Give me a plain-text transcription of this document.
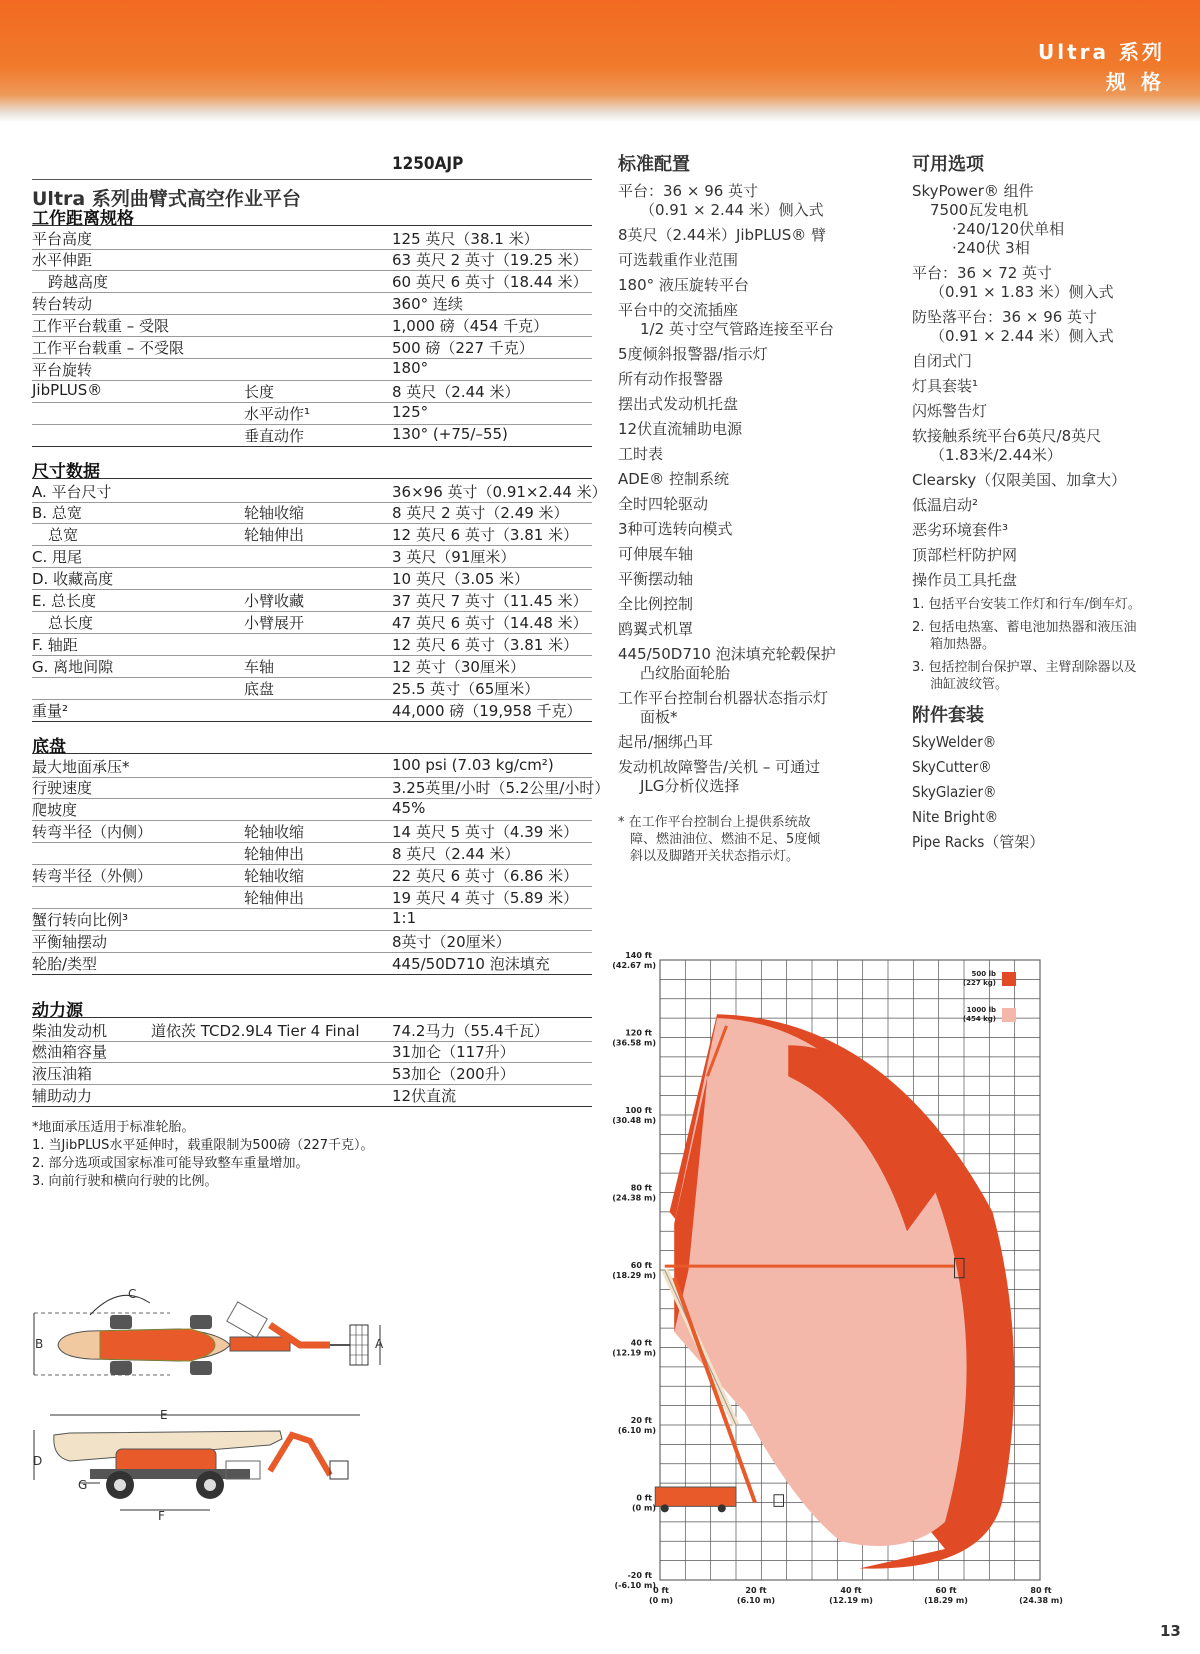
Ultra 系列
规 格
1250AJP
Ultra 系列曲臂式高空作业平台
工作距离规格
平台高度	125 英尺（38.1 米）
水平伸距	63 英尺 2 英寸（19.25 米）
跨越高度	60 英尺 6 英寸（18.44 米）
转台转动	360° 连续
工作平台载重 – 受限	1,000 磅（454 千克）
工作平台载重 – 不受限	500 磅（227 千克）
平台旋转	180°
JibPLUS®	长度	8 英尺（2.44 米）
水平动作¹	125°
垂直动作	130° (+75/–55)
尺寸数据
A. 平台尺寸	36×96 英寸（0.91×2.44 米）
B. 总宽	轮轴收缩	8 英尺 2 英寸（2.49 米）
总宽	轮轴伸出	12 英尺 6 英寸（3.81 米）
C. 甩尾	3 英尺（91厘米）
D. 收藏高度	10 英尺（3.05 米）
E. 总长度	小臂收藏	37 英尺 7 英寸（11.45 米）
总长度	小臂展开	47 英尺 6 英寸（14.48 米）
F. 轴距	12 英尺 6 英寸（3.81 米）
G. 离地间隙	车轴	12 英寸（30厘米）
底盘	25.5 英寸（65厘米）
重量²	44,000 磅（19,958 千克）
底盘
最大地面承压*	100 psi (7.03 kg/cm²)
行驶速度	3.25英里/小时（5.2公里/小时）
爬坡度	45%
转弯半径（内侧）	轮轴收缩	14 英尺 5 英寸（4.39 米）
轮轴伸出	8 英尺（2.44 米）
转弯半径（外侧）	轮轴收缩	22 英尺 6 英寸（6.86 米）
轮轴伸出	19 英尺 4 英寸（5.89 米）
蟹行转向比例³	1:1
平衡轴摆动	8英寸（20厘米）
轮胎/类型	445/50D710 泡沫填充
动力源
柴油发动机	道依茨 TCD2.9L4 Tier 4 Final 74.2马力（55.4千瓦）
燃油箱容量	31加仑（117升）
液压油箱	53加仑（200升）
辅助动力	12伏直流
*地面承压适用于标准轮胎。
1. 当JibPLUS水平延伸时，载重限制为500磅（227千克）。
2. 部分选项或国家标准可能导致整车重量增加。
3. 向前行驶和横向行驶的比例。
B
C
A
E
D
G
F
标准配置
平台：36 × 96 英寸
（0.91 × 2.44 米）侧入式
8英尺（2.44米）JibPLUS® 臂
可选载重作业范围
180° 液压旋转平台
平台中的交流插座
1/2 英寸空气管路连接至平台
5度倾斜报警器/指示灯
所有动作报警器
摆出式发动机托盘
12伏直流辅助电源
工时表
ADE® 控制系统
全时四轮驱动
3种可选转向模式
可伸展车轴
平衡摆动轴
全比例控制
鸥翼式机罩
445/50D710 泡沫填充轮毂保护
凸纹胎面轮胎
工作平台控制台机器状态指示灯
面板*
起吊/捆绑凸耳
发动机故障警告/关机 – 可通过
JLG分析仪选择
* 在工作平台控制台上提供系统故
障、燃油油位、燃油不足、5度倾
斜以及脚踏开关状态指示灯。
可用选项
SkyPower® 组件
7500瓦发电机
·240/120伏单相
·240伏 3相
平台：36 × 72 英寸
（0.91 × 1.83 米）侧入式
防坠落平台：36 × 96 英寸
（0.91 × 2.44 米）侧入式
自闭式门
灯具套装¹
闪烁警告灯
软接触系统平台6英尺/8英尺
（1.83米/2.44米）
Clearsky（仅限美国、加拿大）
低温启动²
恶劣环境套件³
顶部栏杆防护网
操作员工具托盘
1. 包括平台安装工作灯和行车/倒车灯。
2. 包括电热塞、蓄电池加热器和液压油
箱加热器。
3. 包括控制台保护罩、主臂刮除器以及
油缸波纹管。
附件套装
SkyWelder®
SkyCutter®
SkyGlazier®
Nite Bright®
Pipe Racks（管架）
140 ft
(42.67 m)
120 ft
(36.58 m)
100 ft
(30.48 m)
80 ft
(24.38 m)
60 ft
(18.29 m)
40 ft
(12.19 m)
20 ft
(6.10 m)
0 ft
(0 m)
-20 ft
(-6.10 m)
0 ft
(0 m)
20 ft
(6.10 m)
40 ft
(12.19 m)
60 ft
(18.29 m)
80 ft
(24.38 m)
500 lb
(227 kg)
1000 lb
(454 kg)
13
